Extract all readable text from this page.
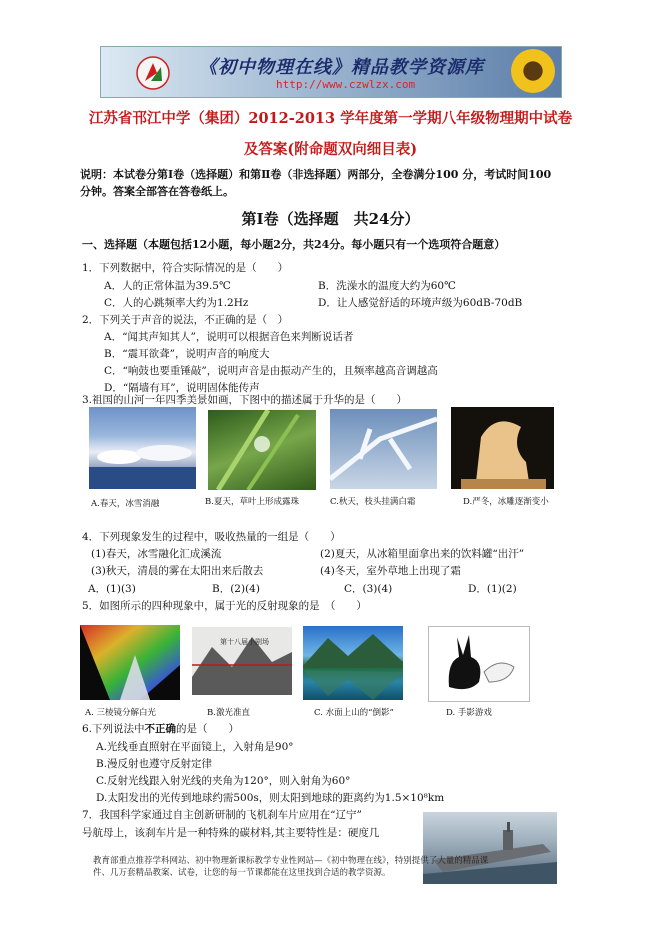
《初中物理在线》精品教学资源库
http://www.czwlzx.com
江苏省邗江中学（集团）2012-2013 学年度第一学期八年级物理期中试卷
及答案(附命题双向细目表)
说明：本试卷分第Ⅰ卷（选择题）和第Ⅱ卷（非选择题）两部分，全卷满分100 分，考试时间100
分钟。答案全部答在答卷纸上。
第Ⅰ卷（选择题　共24分）
一、选择题（本题包括12小题，每小题2分，共24分。每小题只有一个选项符合题意）
1．下列数据中，符合实际情况的是（　　）
A．人的正常体温为39.5℃	B．洗澡水的温度大约为60℃
C．人的心跳频率大约为1.2Hz	D．让人感觉舒适的环境声级为60dB-70dB
2．下列关于声音的说法，不正确的是（　）
A．“闻其声知其人”，说明可以根据音色来判断说话者
B．“震耳欲聋”，说明声音的响度大
C．“响鼓也要重锤敲”，说明声音是由振动产生的，且频率越高音调越高
D．“隔墙有耳”，说明固体能传声
3.祖国的山河一年四季美景如画，下图中的描述属于升华的是（　　）
A.春天，冰雪消融	B.夏天，草叶上形成露珠	C.秋天，枝头挂满白霜	D.严冬，冰雕逐渐变小
4．下列现象发生的过程中，吸收热量的一组是（　　）
(1)春天，冰雪融化汇成溪流	(2)夏天，从冰箱里面拿出来的饮料罐“出汗”
(3)秋天，清晨的雾在太阳出来后散去	(4)冬天，室外草地上出现了霜
A．(1)(3)	B．(2)(4)	C．(3)(4)	D．(1)(2)
5．如图所示的四种现象中，属于光的反射现象的是　（　　）
第十八届小剧场
A. 三棱镜分解白光	B.激光准直	C. 水面上山的“倒影”	D. 手影游戏
6.下列说法中不正确的是（　　）
A.光线垂直照射在平面镜上，入射角是90°
B.漫反射也遵守反射定律
C.反射光线跟入射光线的夹角为120°，则入射角为60°
D.太阳发出的光传到地球约需500s，则太阳到地球的距离约为1.5×10⁸km
7．我国科学家通过自主创新研制的飞机刹车片应用在“辽宁”
号航母上，该刹车片是一种特殊的碳材料,其主要特性是：硬度几
教育部重点推荐学科网站、初中物理新课标教学专业性网站—《初中物理在线》，特别提供了大量的精品课
件、几万套精品教案、试卷，让您的每一节课都能在这里找到合适的教学资源。
